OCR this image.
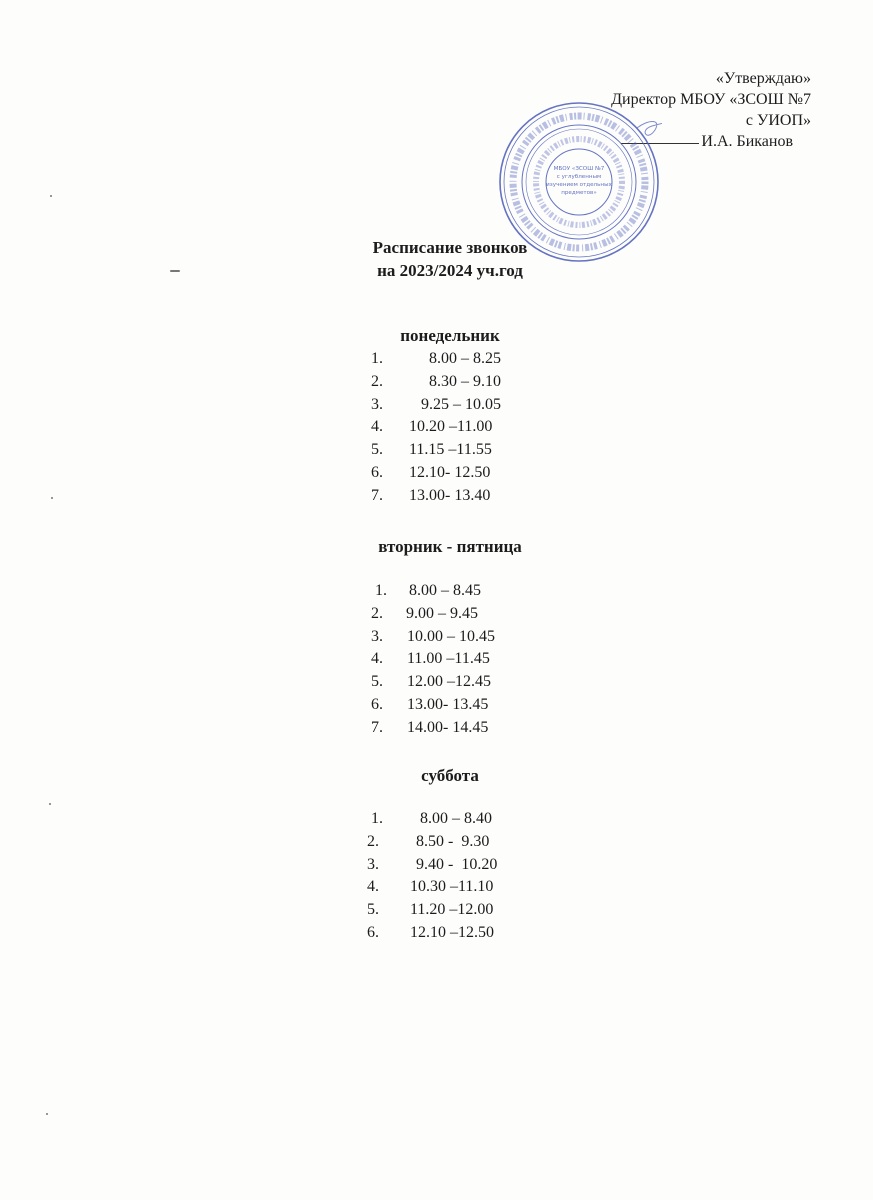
«Утверждаю»
Директор МБОУ «ЗСОШ №7
с УИОП»
И.А. Биканов
МБОУ «ЗСОШ №7
с углубленным
изучением отдельных
предметов»
Расписание звонков
на 2023/2024 уч.год
понедельник
1.	8.00 – 8.25
2.	8.30 – 9.10
3. 9.25 – 10.05
4. 10.20 –11.00
5. 11.15 –11.55
6. 12.10- 12.50
7. 13.00- 13.40
вторник - пятница
1. 8.00 – 8.45
2. 9.00 – 9.45
3. 10.00 – 10.45
4. 11.00 –11.45
5. 12.00 –12.45
6. 13.00- 13.45
7. 14.00- 14.45
суббота
1. 8.00 – 8.40
2. 8.50 -  9.30
3. 9.40 -  10.20
4. 10.30 –11.10
5. 11.20 –12.00
6. 12.10 –12.50
